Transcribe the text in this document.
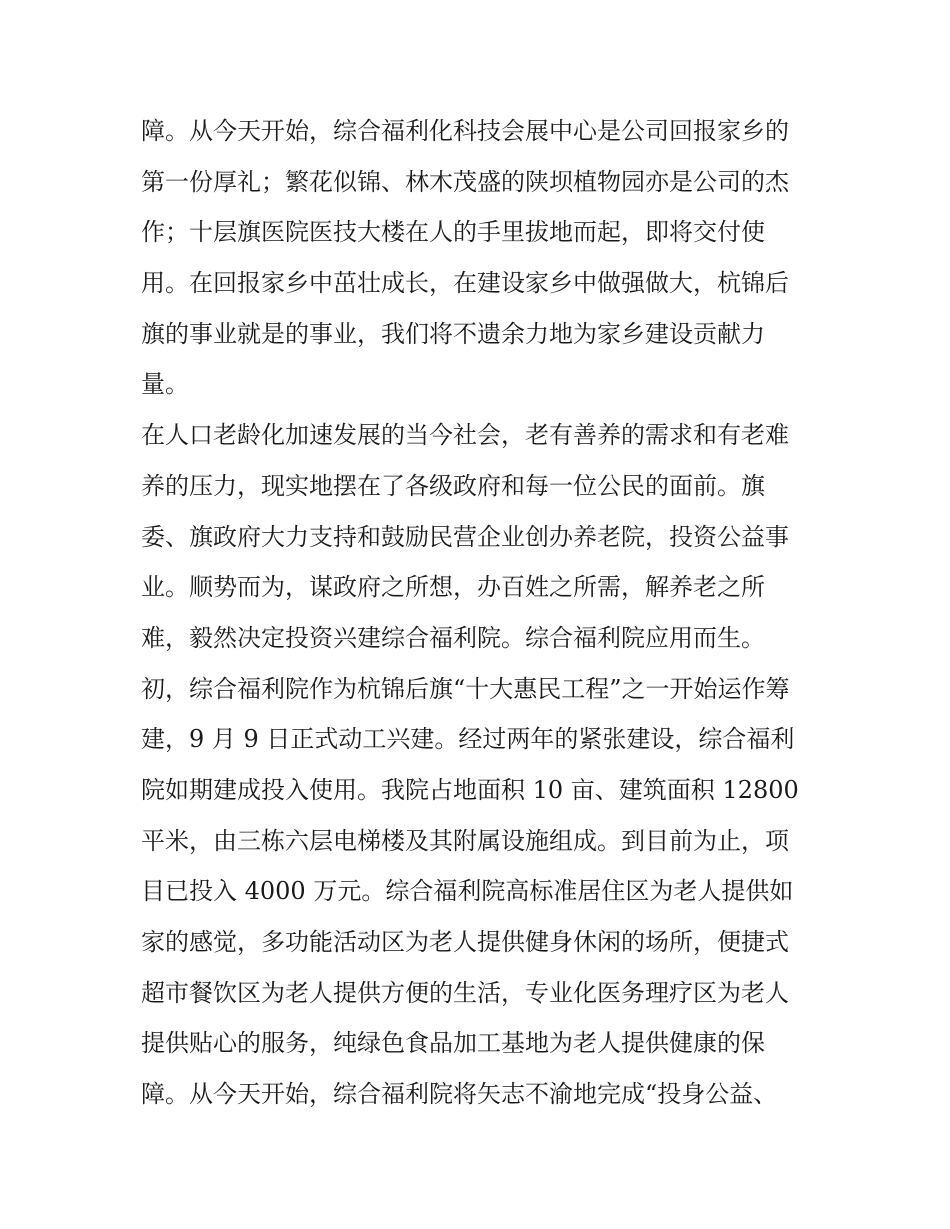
障。从今天开始，综合福利化科技会展中心是公司回报家乡的
第一份厚礼；繁花似锦、林木茂盛的陕坝植物园亦是公司的杰
作；十层旗医院医技大楼在人的手里拔地而起，即将交付使
用。在回报家乡中茁壮成长，在建设家乡中做强做大，杭锦后
旗的事业就是的事业，我们将不遗余力地为家乡建设贡献力
量。
在人口老龄化加速发展的当今社会，老有善养的需求和有老难
养的压力，现实地摆在了各级政府和每一位公民的面前。旗
委、旗政府大力支持和鼓励民营企业创办养老院，投资公益事
业。顺势而为，谋政府之所想，办百姓之所需，解养老之所
难，毅然决定投资兴建综合福利院。综合福利院应用而生。
初，综合福利院作为杭锦后旗“十大惠民工程”之一开始运作筹
建，9 月 9 日正式动工兴建。经过两年的紧张建设，综合福利
院如期建成投入使用。我院占地面积 10 亩、建筑面积 12800
平米，由三栋六层电梯楼及其附属设施组成。到目前为止，项
目已投入 4000 万元。综合福利院高标准居住区为老人提供如
家的感觉，多功能活动区为老人提供健身休闲的场所，便捷式
超市餐饮区为老人提供方便的生活，专业化医务理疗区为老人
提供贴心的服务，纯绿色食品加工基地为老人提供健康的保
障。从今天开始，综合福利院将矢志不渝地完成“投身公益、
